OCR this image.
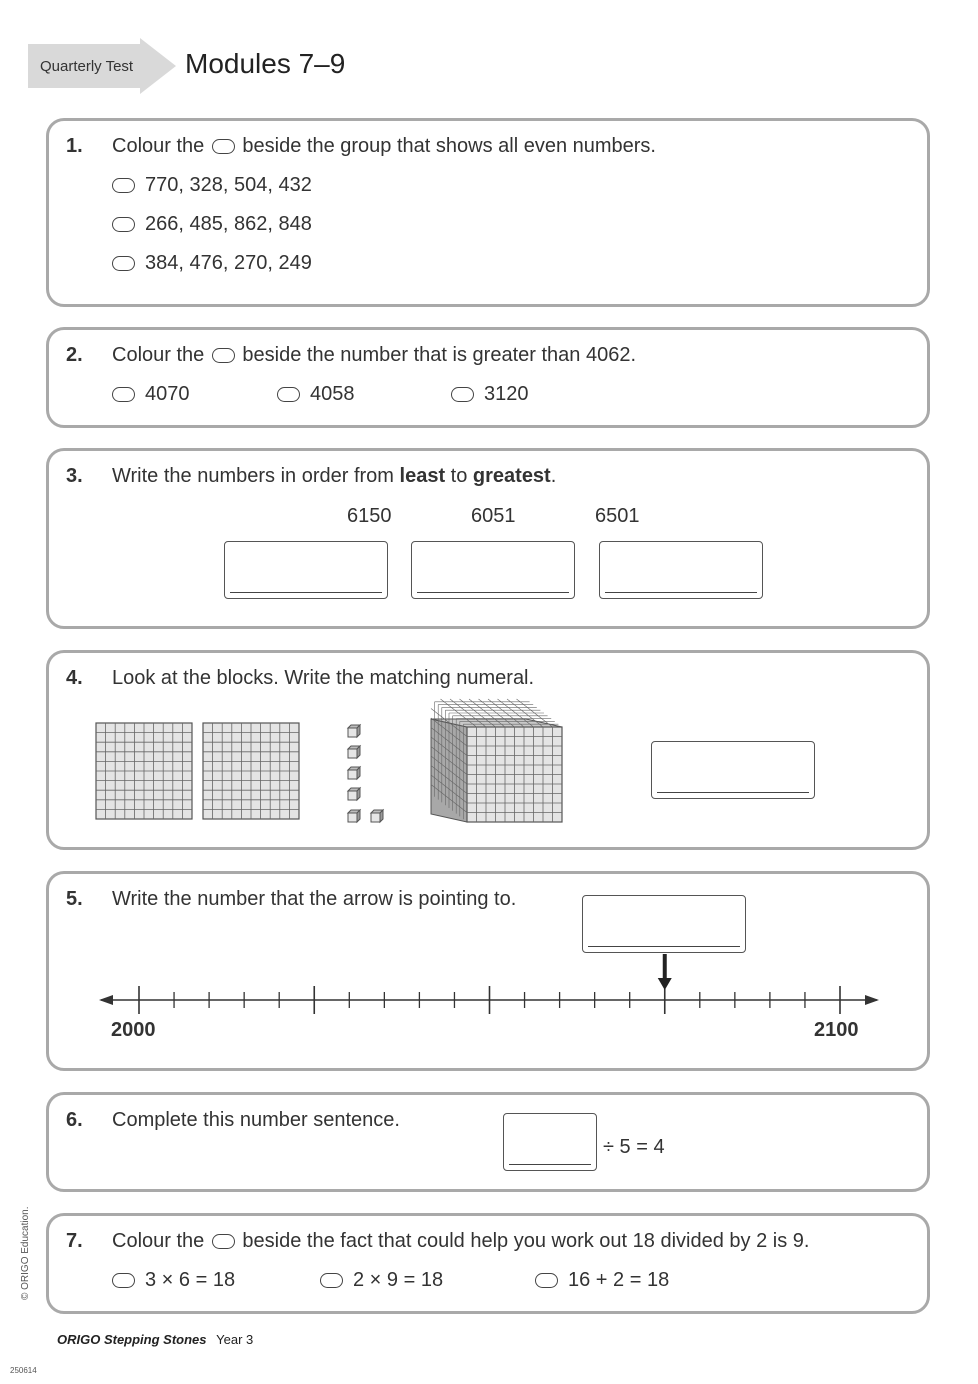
Quarterly Test Modules 7–9
1. Colour the beside the group that shows all even numbers.
770, 328, 504, 432
266, 485, 862, 848
384, 476, 270, 249
2. Colour the beside the number that is greater than 4062.
4070	4058	3120
3. Write the numbers in order from least to greatest.
6150	6051	6501
4. Look at the blocks. Write the matching numeral.
5. Write the number that the arrow is pointing to.
2000	2100
6. Complete this number sentence.
÷ 5 = 4
7. Colour the beside the fact that could help you work out 18 divided by 2 is 9.
3 × 6 = 18	2 × 9 = 18	16 + 2 = 18
© ORIGO Education.
ORIGO Stepping Stones Year 3
250614
